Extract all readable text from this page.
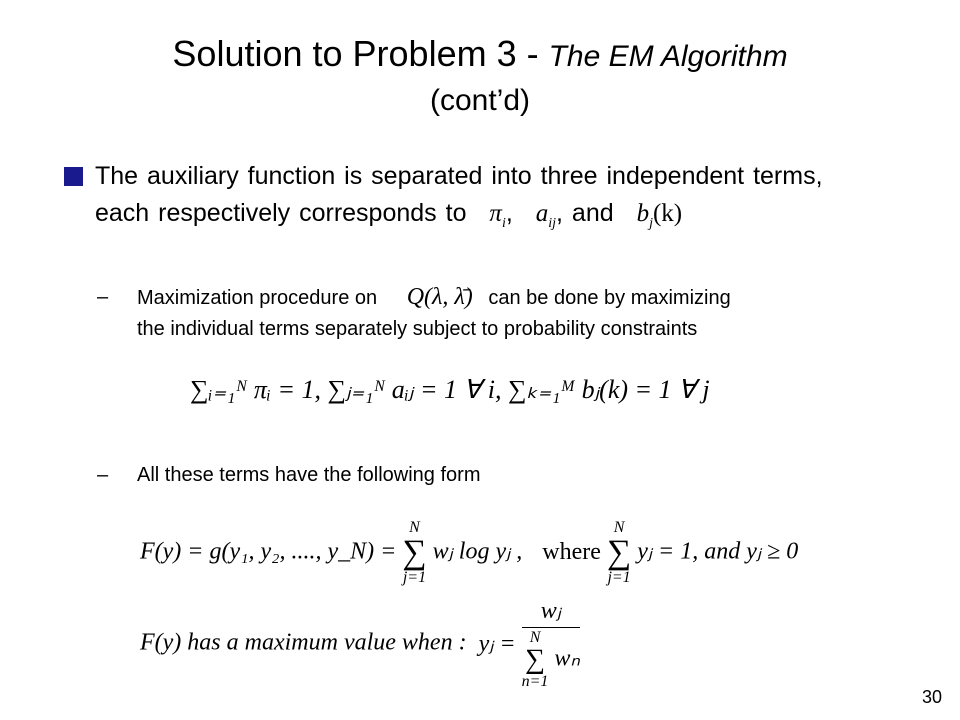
Solution to Problem 3 - The EM Algorithm
(cont’d)
The auxiliary function is separated into three independent terms, each respectively corresponds to $\pi_i$, $a_{ij}$, and $b_j(k)$
–	Maximization procedure on Q(λ, λ̄) can be done by maximizing
the individual terms separately subject to probability constraints
∑ᵢ₌₁ᴺ πᵢ = 1, ∑ⱼ₌₁ᴺ aᵢⱼ = 1 ∀ i, ∑ₖ₌₁ᴹ bⱼ(k) = 1 ∀ j
–	All these terms have the following form
F(y) = g(y₁, y₂, ...., y_N) =
N
∑
j=1
wⱼ log yⱼ , where
N
∑
j=1
yⱼ = 1, and yⱼ ≥ 0
F(y) has a maximum value when : yⱼ = wⱼ
N
∑
n=1
wₙ
30
